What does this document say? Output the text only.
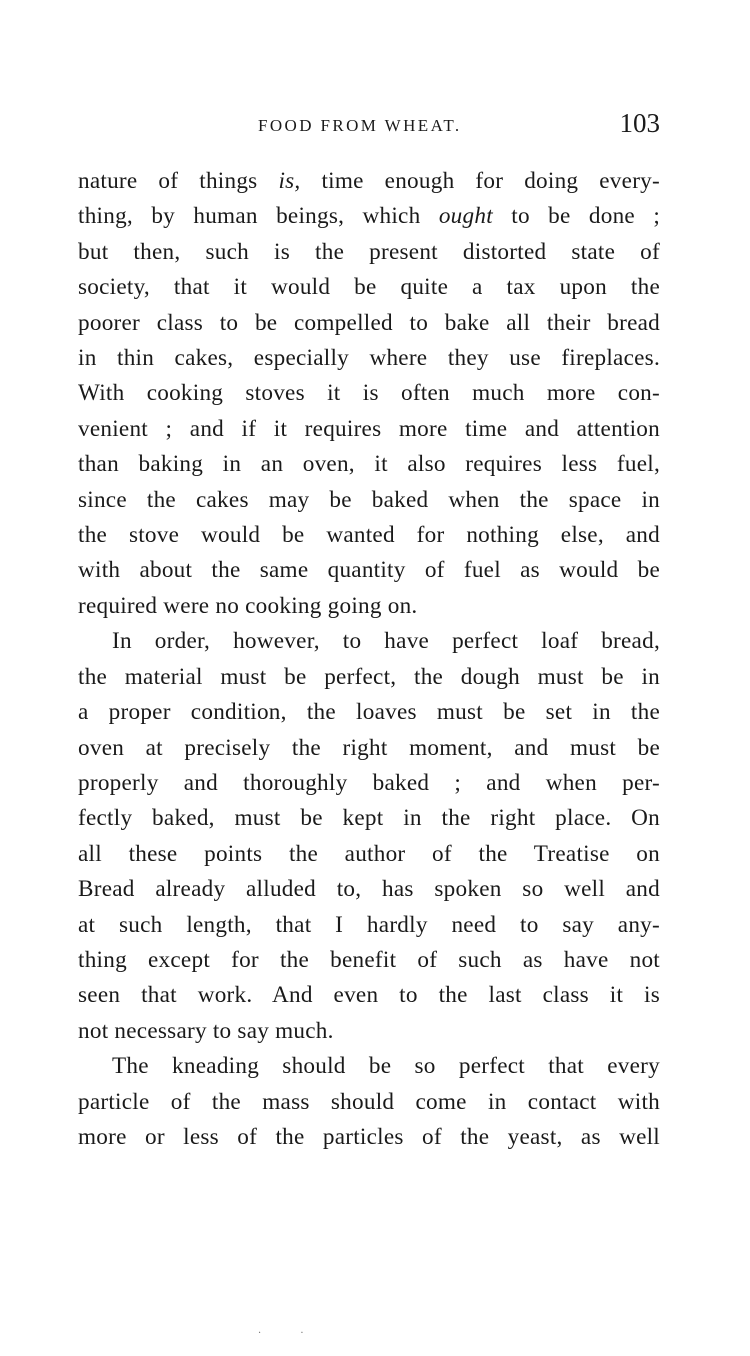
FOOD FROM WHEAT.	103

nature of things is, time enough for doing every-
thing, by human beings, which ought to be done ;
but then, such is the present distorted state of
society, that it would be quite a tax upon the
poorer class to be compelled to bake all their bread
in thin cakes, especially where they use fireplaces.
With cooking stoves it is often much more con-
venient ; and if it requires more time and attention
than baking in an oven, it also requires less fuel,
since the cakes may be baked when the space in
the stove would be wanted for nothing else, and
with about the same quantity of fuel as would be
required were no cooking going on.

In order, however, to have perfect loaf bread,
the material must be perfect, the dough must be in
a proper condition, the loaves must be set in the
oven at precisely the right moment, and must be
properly and thoroughly baked ; and when per-
fectly baked, must be kept in the right place. On
all these points the author of the Treatise on
Bread already alluded to, has spoken so well and
at such length, that I hardly need to say any-
thing except for the benefit of such as have not
seen that work. And even to the last class it is
not necessary to say much.

The kneading should be so perfect that every
particle of the mass should come in contact with
more or less of the particles of the yeast, as well

· ·
